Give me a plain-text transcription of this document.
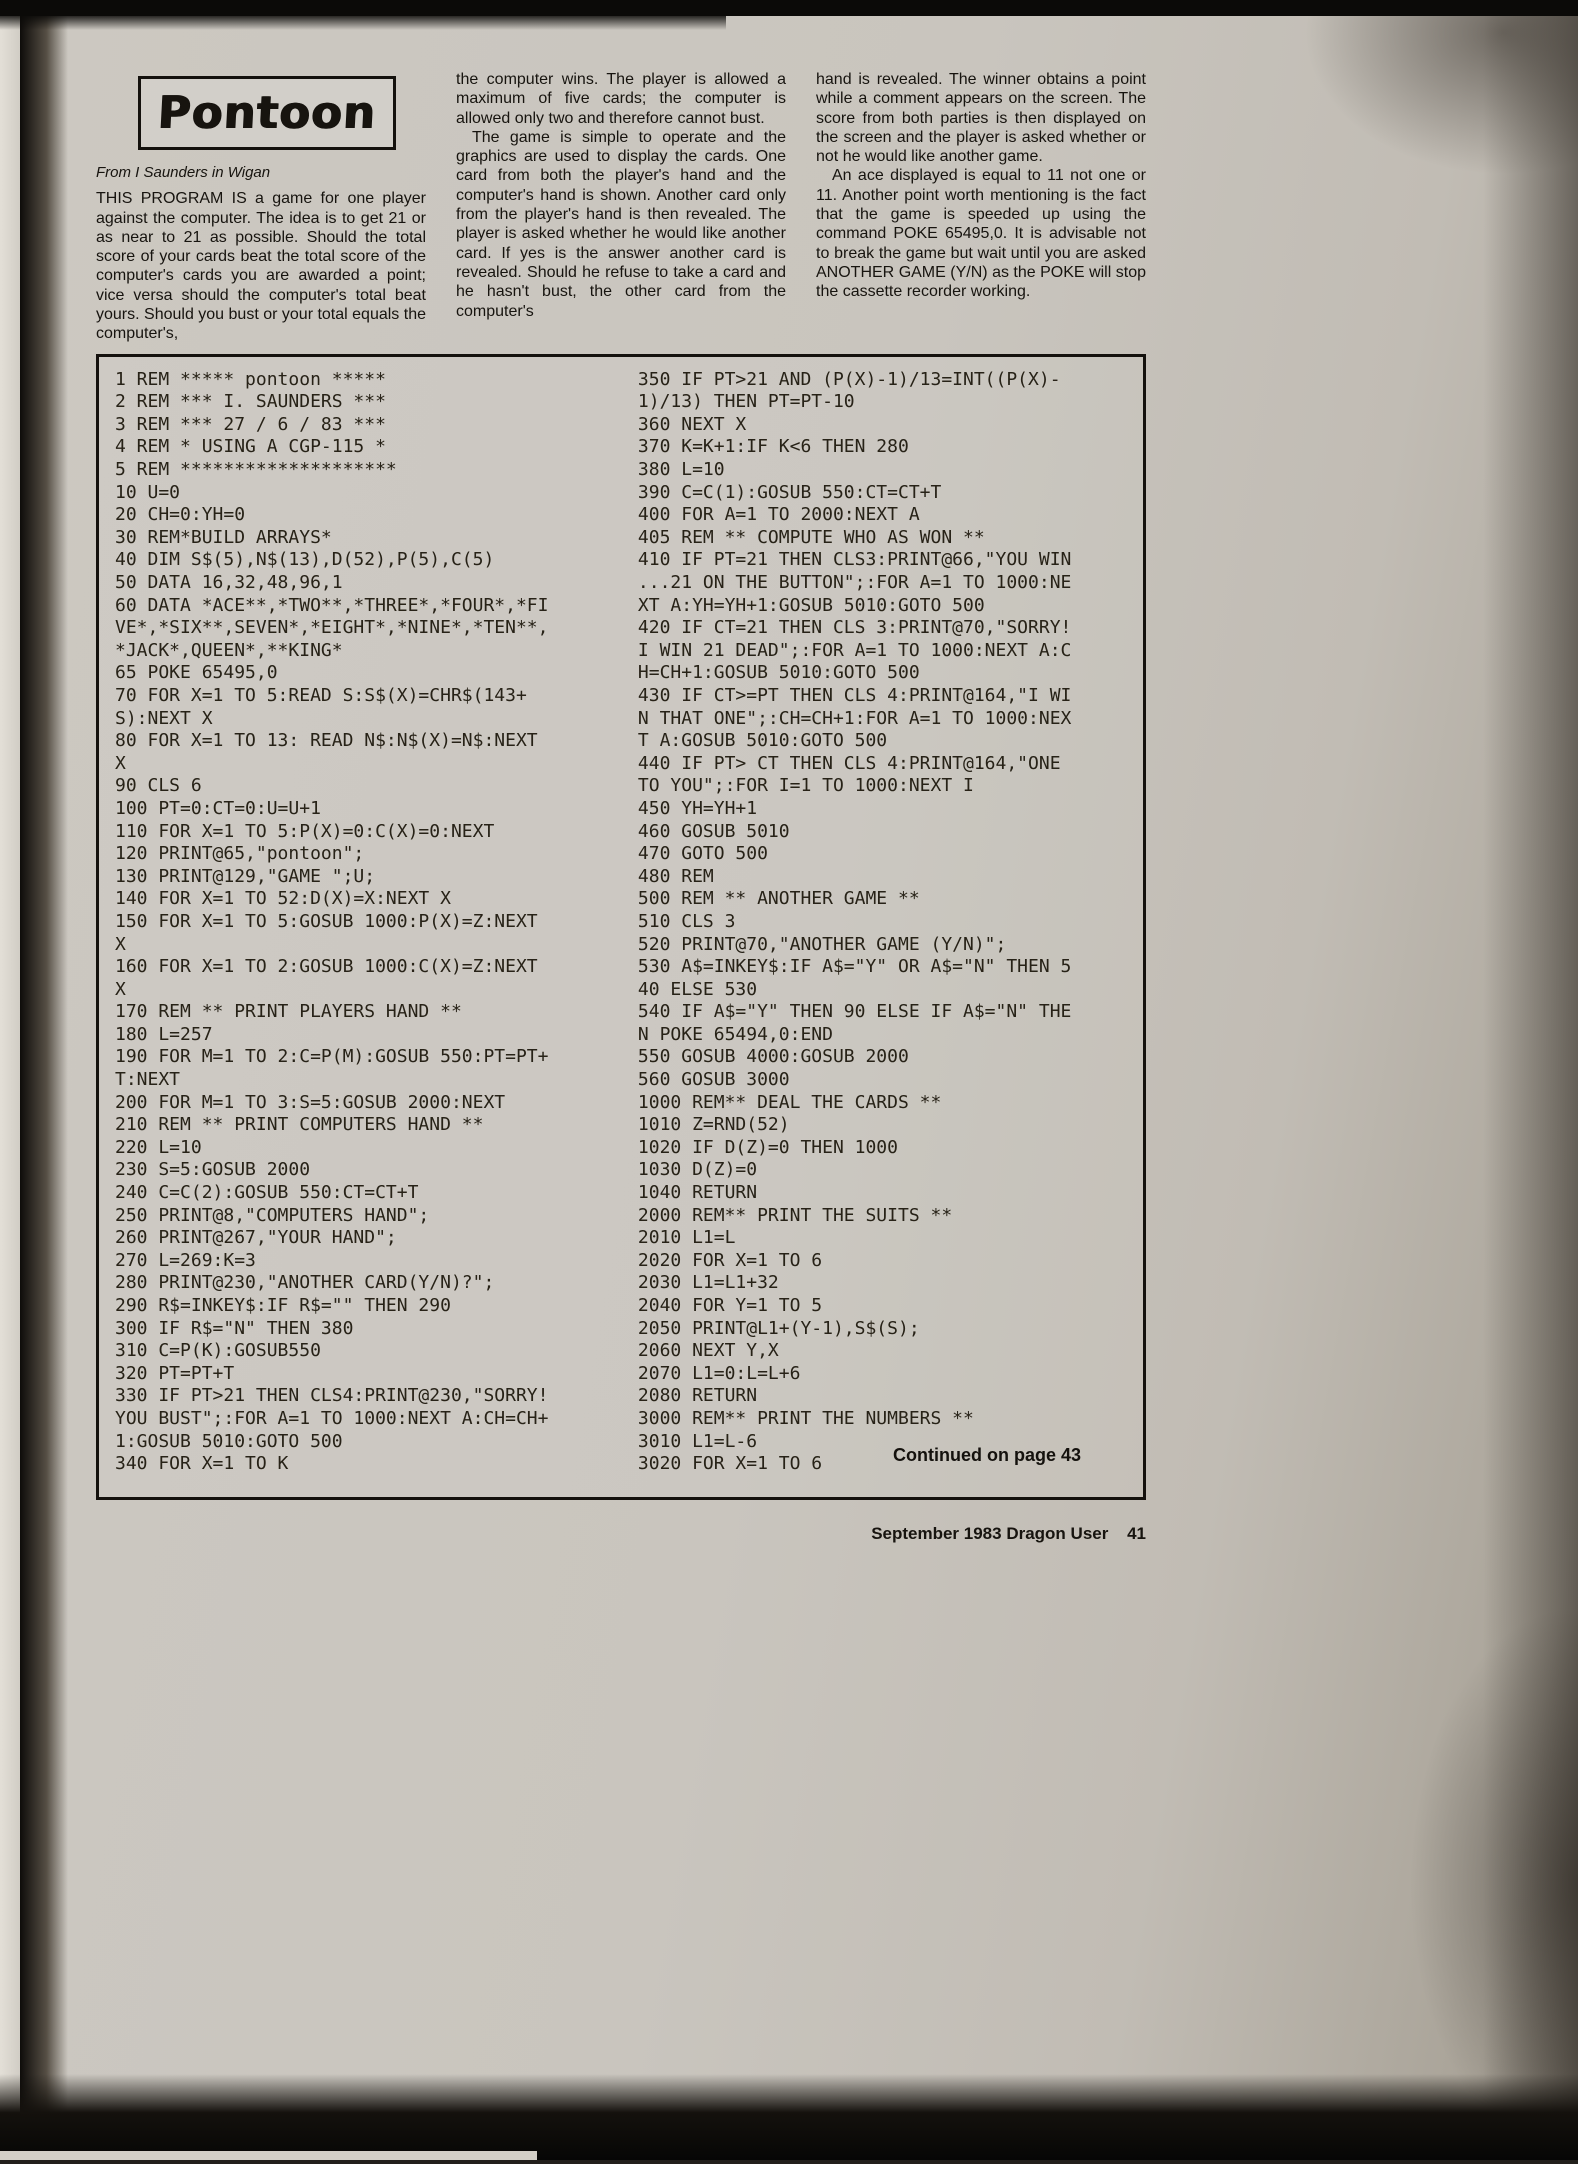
Pontoon
From I Saunders in Wigan

THIS PROGRAM IS a game for one player against the computer. The idea is to get 21 or as near to 21 as possible. Should the total score of your cards beat the total score of the computer's cards you are awarded a point; vice versa should the computer's total beat yours. Should you bust or your total equals the computer's,

the computer wins. The player is allowed a maximum of five cards; the computer is allowed only two and therefore cannot bust.

The game is simple to operate and the graphics are used to display the cards. One card from both the player's hand and the computer's hand is shown. Another card only from the player's hand is then revealed. The player is asked whether he would like another card. If yes is the answer another card is revealed. Should he refuse to take a card and he hasn't bust, the other card from the computer's

hand is revealed. The winner obtains a point while a comment appears on the screen. The score from both parties is then displayed on the screen and the player is asked whether or not he would like another game.

An ace displayed is equal to 11 not one or 11. Another point worth mentioning is the fact that the game is speeded up using the command POKE 65495,0. It is advisable not to break the game but wait until you are asked ANOTHER GAME (Y/N) as the POKE will stop the cassette recorder working.

1 REM ***** pontoon *****
2 REM *** I. SAUNDERS ***
3 REM *** 27 / 6 / 83 ***
4 REM * USING A CGP-115 *
5 REM ********************
10 U=0
20 CH=0:YH=0
30 REM*BUILD ARRAYS*
40 DIM S$(5),N$(13),D(52),P(5),C(5)
50 DATA 16,32,48,96,1
60 DATA *ACE**,*TWO**,*THREE*,*FOUR*,*FIVE*,*SIX**,SEVEN*,*EIGHT*,*NINE*,*TEN**,*JACK*,QUEEN*,**KING*
65 POKE 65495,0
70 FOR X=1 TO 5:READ S:S$(X)=CHR$(143+S):NEXT X
80 FOR X=1 TO 13: READ N$:N$(X)=N$:NEXT X
90 CLS 6
100 PT=0:CT=0:U=U+1
110 FOR X=1 TO 5:P(X)=0:C(X)=0:NEXT
120 PRINT@65,"pontoon";
130 PRINT@129,"GAME ";U;
140 FOR X=1 TO 52:D(X)=X:NEXT X
150 FOR X=1 TO 5:GOSUB 1000:P(X)=Z:NEXT X
160 FOR X=1 TO 2:GOSUB 1000:C(X)=Z:NEXT X
170 REM ** PRINT PLAYERS HAND **
180 L=257
190 FOR M=1 TO 2:C=P(M):GOSUB 550:PT=PT+T:NEXT
200 FOR M=1 TO 3:S=5:GOSUB 2000:NEXT
210 REM ** PRINT COMPUTERS HAND **
220 L=10
230 S=5:GOSUB 2000
240 C=C(2):GOSUB 550:CT=CT+T
250 PRINT@8,"COMPUTERS HAND";
260 PRINT@267,"YOUR HAND";
270 L=269:K=3
280 PRINT@230,"ANOTHER CARD(Y/N)?";
290 R$=INKEY$:IF R$="" THEN 290
300 IF R$="N" THEN 380
310 C=P(K):GOSUB550
320 PT=PT+T
330 IF PT>21 THEN CLS4:PRINT@230,"SORRY! YOU BUST";:FOR A=1 TO 1000:NEXT A:CH=CH+1:GOSUB 5010:GOTO 500
340 FOR X=1 TO K
350 IF PT>21 AND (P(X)-1)/13=INT((P(X)-1)/13) THEN PT=PT-10
360 NEXT X
370 K=K+1:IF K<6 THEN 280
380 L=10
390 C=C(1):GOSUB 550:CT=CT+T
400 FOR A=1 TO 2000:NEXT A
405 REM ** COMPUTE WHO AS WON **
410 IF PT=21 THEN CLS3:PRINT@66,"YOU WIN ...21 ON THE BUTTON";:FOR A=1 TO 1000:NEXT A:YH=YH+1:GOSUB 5010:GOTO 500
420 IF CT=21 THEN CLS 3:PRINT@70,"SORRY! I WIN 21 DEAD";:FOR A=1 TO 1000:NEXT A:CH=CH+1:GOSUB 5010:GOTO 500
430 IF CT>=PT THEN CLS 4:PRINT@164,"I WIN THAT ONE";:CH=CH+1:FOR A=1 TO 1000:NEXT A:GOSUB 5010:GOTO 500
440 IF PT> CT THEN CLS 4:PRINT@164,"ONE TO YOU";:FOR I=1 TO 1000:NEXT I
450 YH=YH+1
460 GOSUB 5010
470 GOTO 500
480 REM
500 REM ** ANOTHER GAME **
510 CLS 3
520 PRINT@70,"ANOTHER GAME (Y/N)";
530 A$=INKEY$:IF A$="Y" OR A$="N" THEN 540 ELSE 530
540 IF A$="Y" THEN 90 ELSE IF A$="N" THEN POKE 65494,0:END
550 GOSUB 4000:GOSUB 2000
560 GOSUB 3000
1000 REM** DEAL THE CARDS **
1010 Z=RND(52)
1020 IF D(Z)=0 THEN 1000
1030 D(Z)=0
1040 RETURN
2000 REM** PRINT THE SUITS **
2010 L1=L
2020 FOR X=1 TO 6
2030 L1=L1+32
2040 FOR Y=1 TO 5
2050 PRINT@L1+(Y-1),S$(S);
2060 NEXT Y,X
2070 L1=0:L=L+6
2080 RETURN
3000 REM** PRINT THE NUMBERS **
3010 L1=L-6
3020 FOR X=1 TO 6	Continued on page 43
September 1983 Dragon User 41
